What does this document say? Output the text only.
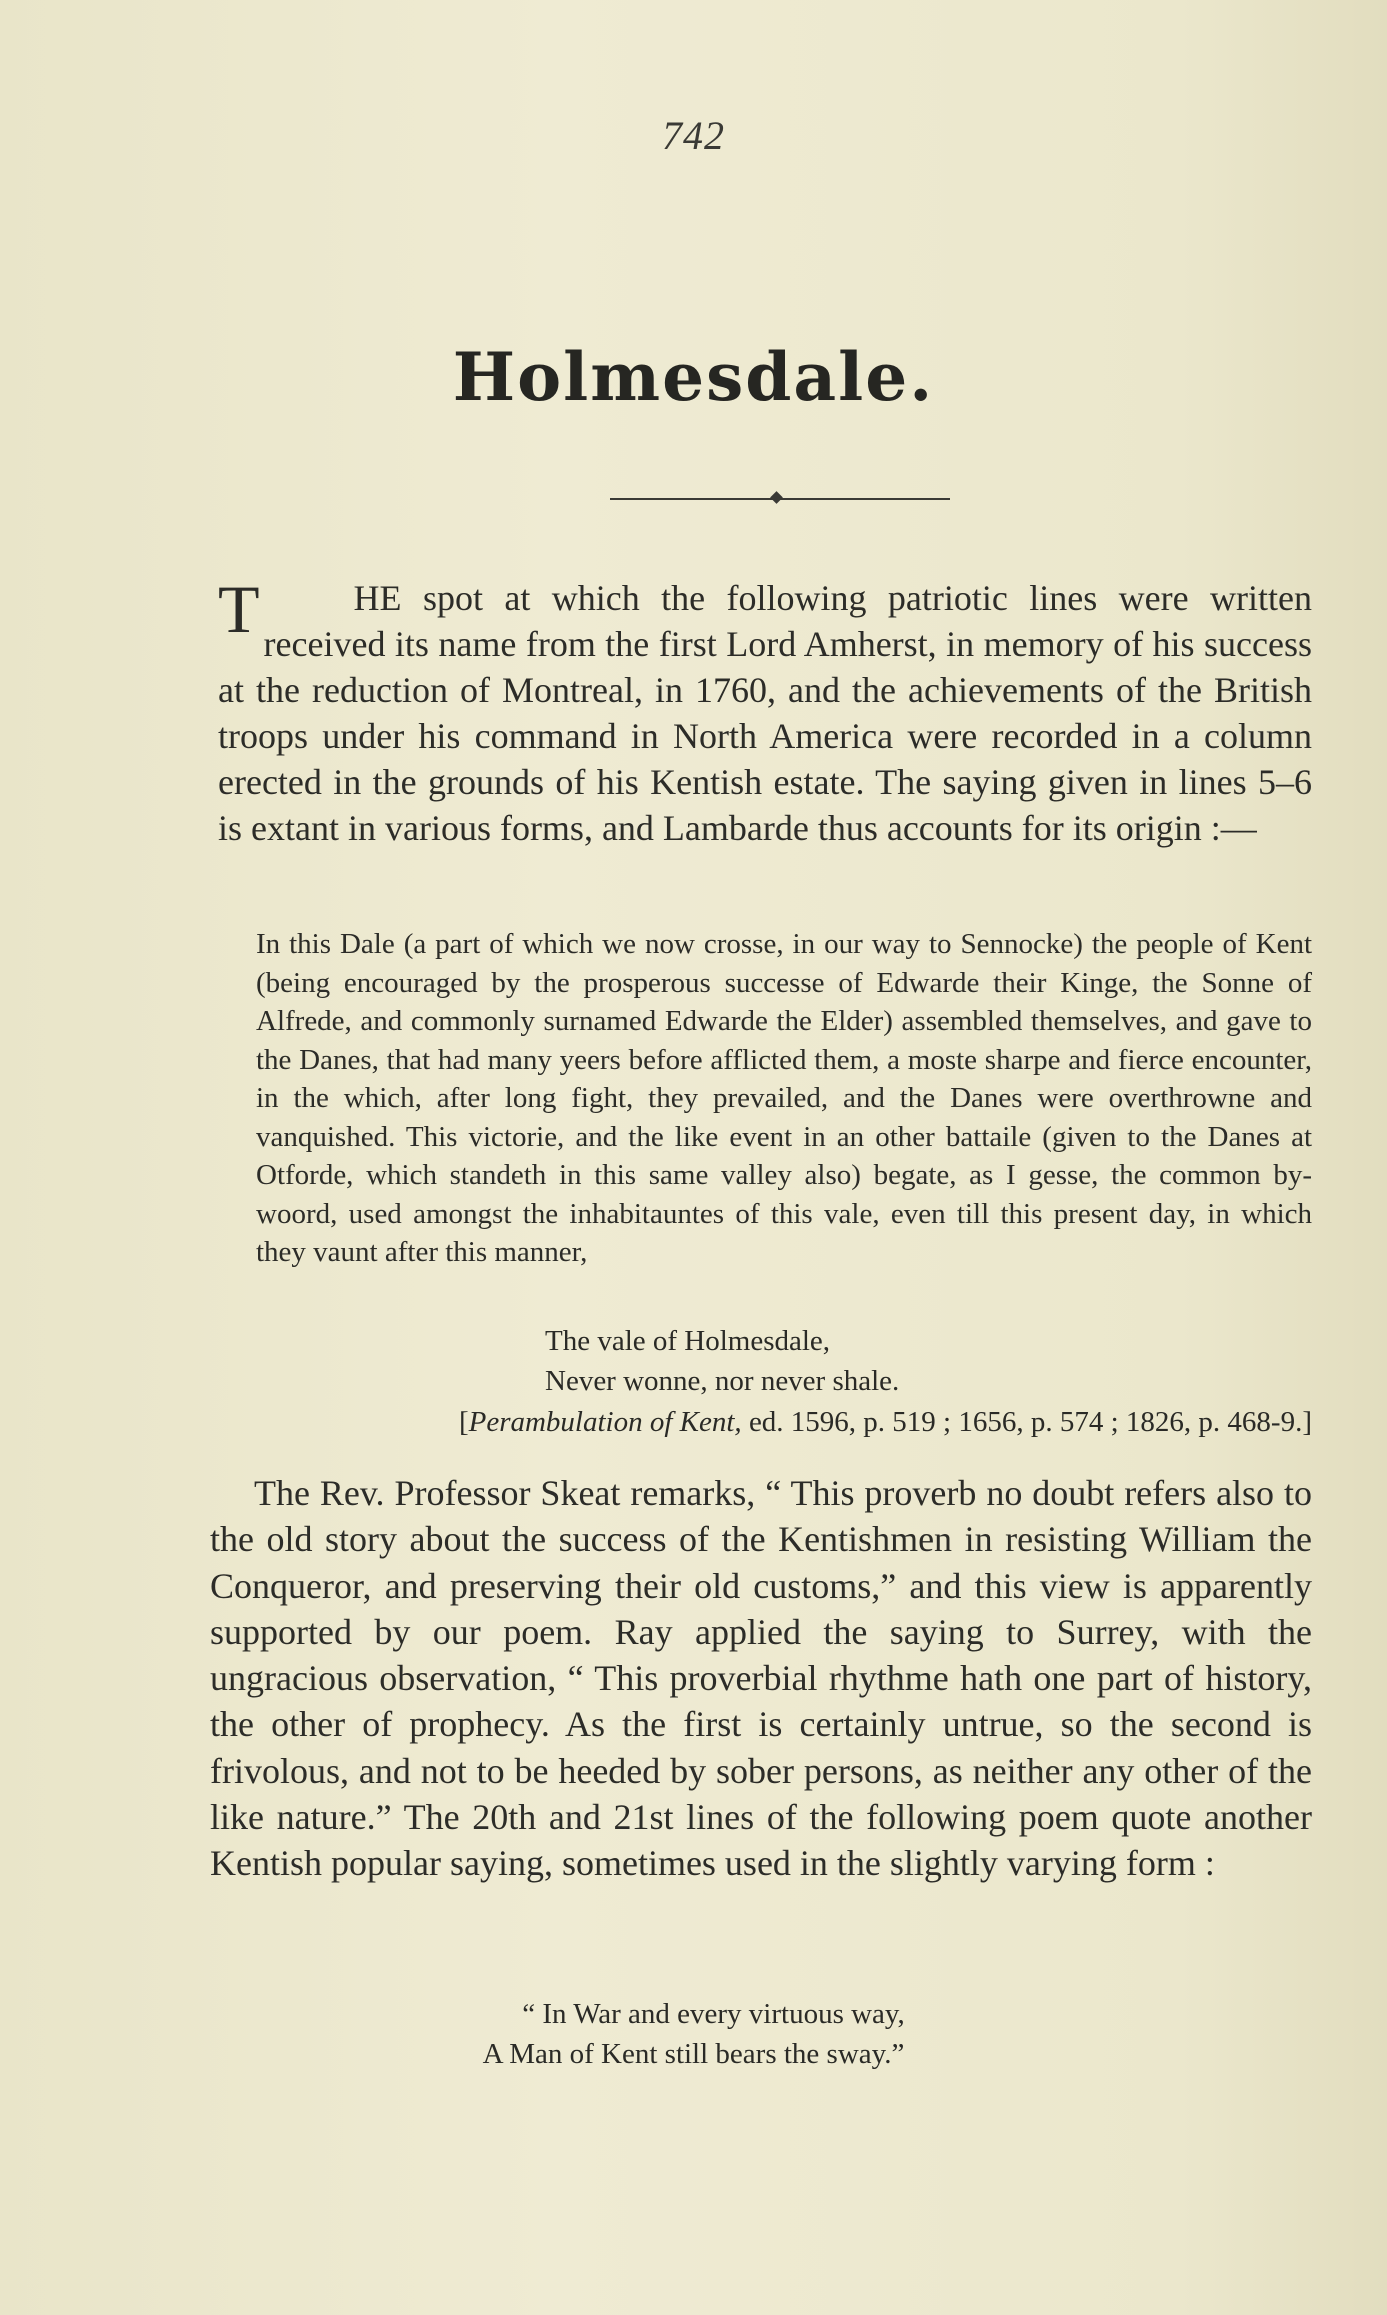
742
Holmesdale.

T	HE spot at which the following patriotic lines were written received its name from the first Lord Amherst, in memory of his success at the reduction of Montreal, in 1760, and the achievements of the British troops under his command in North America were recorded in a column erected in the grounds of his Kentish estate. The saying given in lines 5–6 is extant in various forms, and Lambarde thus accounts for its origin :—

In this Dale (a part of which we now crosse, in our way to Sennocke) the people of Kent (being encouraged by the prosperous successe of Edwarde their Kinge, the Sonne of Alfrede, and commonly surnamed Edwarde the Elder) assembled themselves, and gave to the Danes, that had many yeers before afflicted them, a moste sharpe and fierce encounter, in the which, after long fight, they prevailed, and the Danes were overthrowne and vanquished. This victorie, and the like event in an other battaile (given to the Danes at Otforde, which standeth in this same valley also) begate, as I gesse, the common by-woord, used amongst the inhabitauntes of this vale, even till this present day, in which they vaunt after this manner,

The vale of Holmesdale,
Never wonne, nor never shale.
[Perambulation of Kent, ed. 1596, p. 519 ; 1656, p. 574 ; 1826, p. 468-9.]

The Rev. Professor Skeat remarks, “ This proverb no doubt refers also to the old story about the success of the Kentishmen in resisting William the Conqueror, and preserving their old customs,” and this view is apparently supported by our poem. Ray applied the saying to Surrey, with the ungracious observation, “ This proverbial rhythme hath one part of history, the other of prophecy. As the first is certainly untrue, so the second is frivolous, and not to be heeded by sober persons, as neither any other of the like nature.” The 20th and 21st lines of the following poem quote another Kentish popular saying, sometimes used in the slightly varying form :

“ In War and every virtuous way,
A Man of Kent still bears the sway.”
